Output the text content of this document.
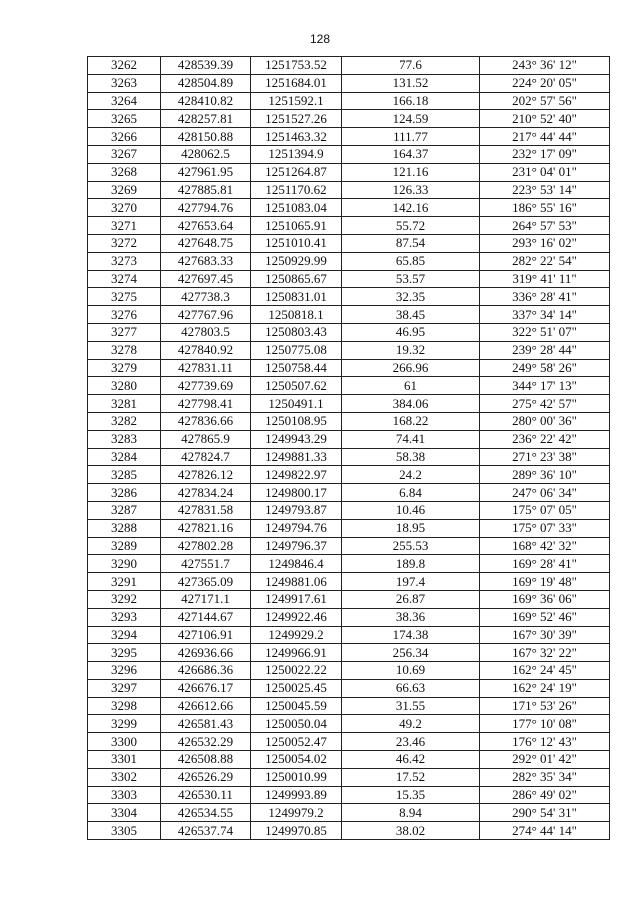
128
3262	428539.39	1251753.52	77.6	243° 36' 12"
3263	428504.89	1251684.01	131.52	224° 20' 05"
3264	428410.82	1251592.1	166.18	202° 57' 56"
3265	428257.81	1251527.26	124.59	210° 52' 40"
3266	428150.88	1251463.32	111.77	217° 44' 44"
3267	428062.5	1251394.9	164.37	232° 17' 09"
3268	427961.95	1251264.87	121.16	231° 04' 01"
3269	427885.81	1251170.62	126.33	223° 53' 14"
3270	427794.76	1251083.04	142.16	186° 55' 16"
3271	427653.64	1251065.91	55.72	264° 57' 53"
3272	427648.75	1251010.41	87.54	293° 16' 02"
3273	427683.33	1250929.99	65.85	282° 22' 54"
3274	427697.45	1250865.67	53.57	319° 41' 11"
3275	427738.3	1250831.01	32.35	336° 28' 41"
3276	427767.96	1250818.1	38.45	337° 34' 14"
3277	427803.5	1250803.43	46.95	322° 51' 07"
3278	427840.92	1250775.08	19.32	239° 28' 44"
3279	427831.11	1250758.44	266.96	249° 58' 26"
3280	427739.69	1250507.62	61	344° 17' 13"
3281	427798.41	1250491.1	384.06	275° 42' 57"
3282	427836.66	1250108.95	168.22	280° 00' 36"
3283	427865.9	1249943.29	74.41	236° 22' 42"
3284	427824.7	1249881.33	58.38	271° 23' 38"
3285	427826.12	1249822.97	24.2	289° 36' 10"
3286	427834.24	1249800.17	6.84	247° 06' 34"
3287	427831.58	1249793.87	10.46	175° 07' 05"
3288	427821.16	1249794.76	18.95	175° 07' 33"
3289	427802.28	1249796.37	255.53	168° 42' 32"
3290	427551.7	1249846.4	189.8	169° 28' 41"
3291	427365.09	1249881.06	197.4	169° 19' 48"
3292	427171.1	1249917.61	26.87	169° 36' 06"
3293	427144.67	1249922.46	38.36	169° 52' 46"
3294	427106.91	1249929.2	174.38	167° 30' 39"
3295	426936.66	1249966.91	256.34	167° 32' 22"
3296	426686.36	1250022.22	10.69	162° 24' 45"
3297	426676.17	1250025.45	66.63	162° 24' 19"
3298	426612.66	1250045.59	31.55	171° 53' 26"
3299	426581.43	1250050.04	49.2	177° 10' 08"
3300	426532.29	1250052.47	23.46	176° 12' 43"
3301	426508.88	1250054.02	46.42	292° 01' 42"
3302	426526.29	1250010.99	17.52	282° 35' 34"
3303	426530.11	1249993.89	15.35	286° 49' 02"
3304	426534.55	1249979.2	8.94	290° 54' 31"
3305	426537.74	1249970.85	38.02	274° 44' 14"
